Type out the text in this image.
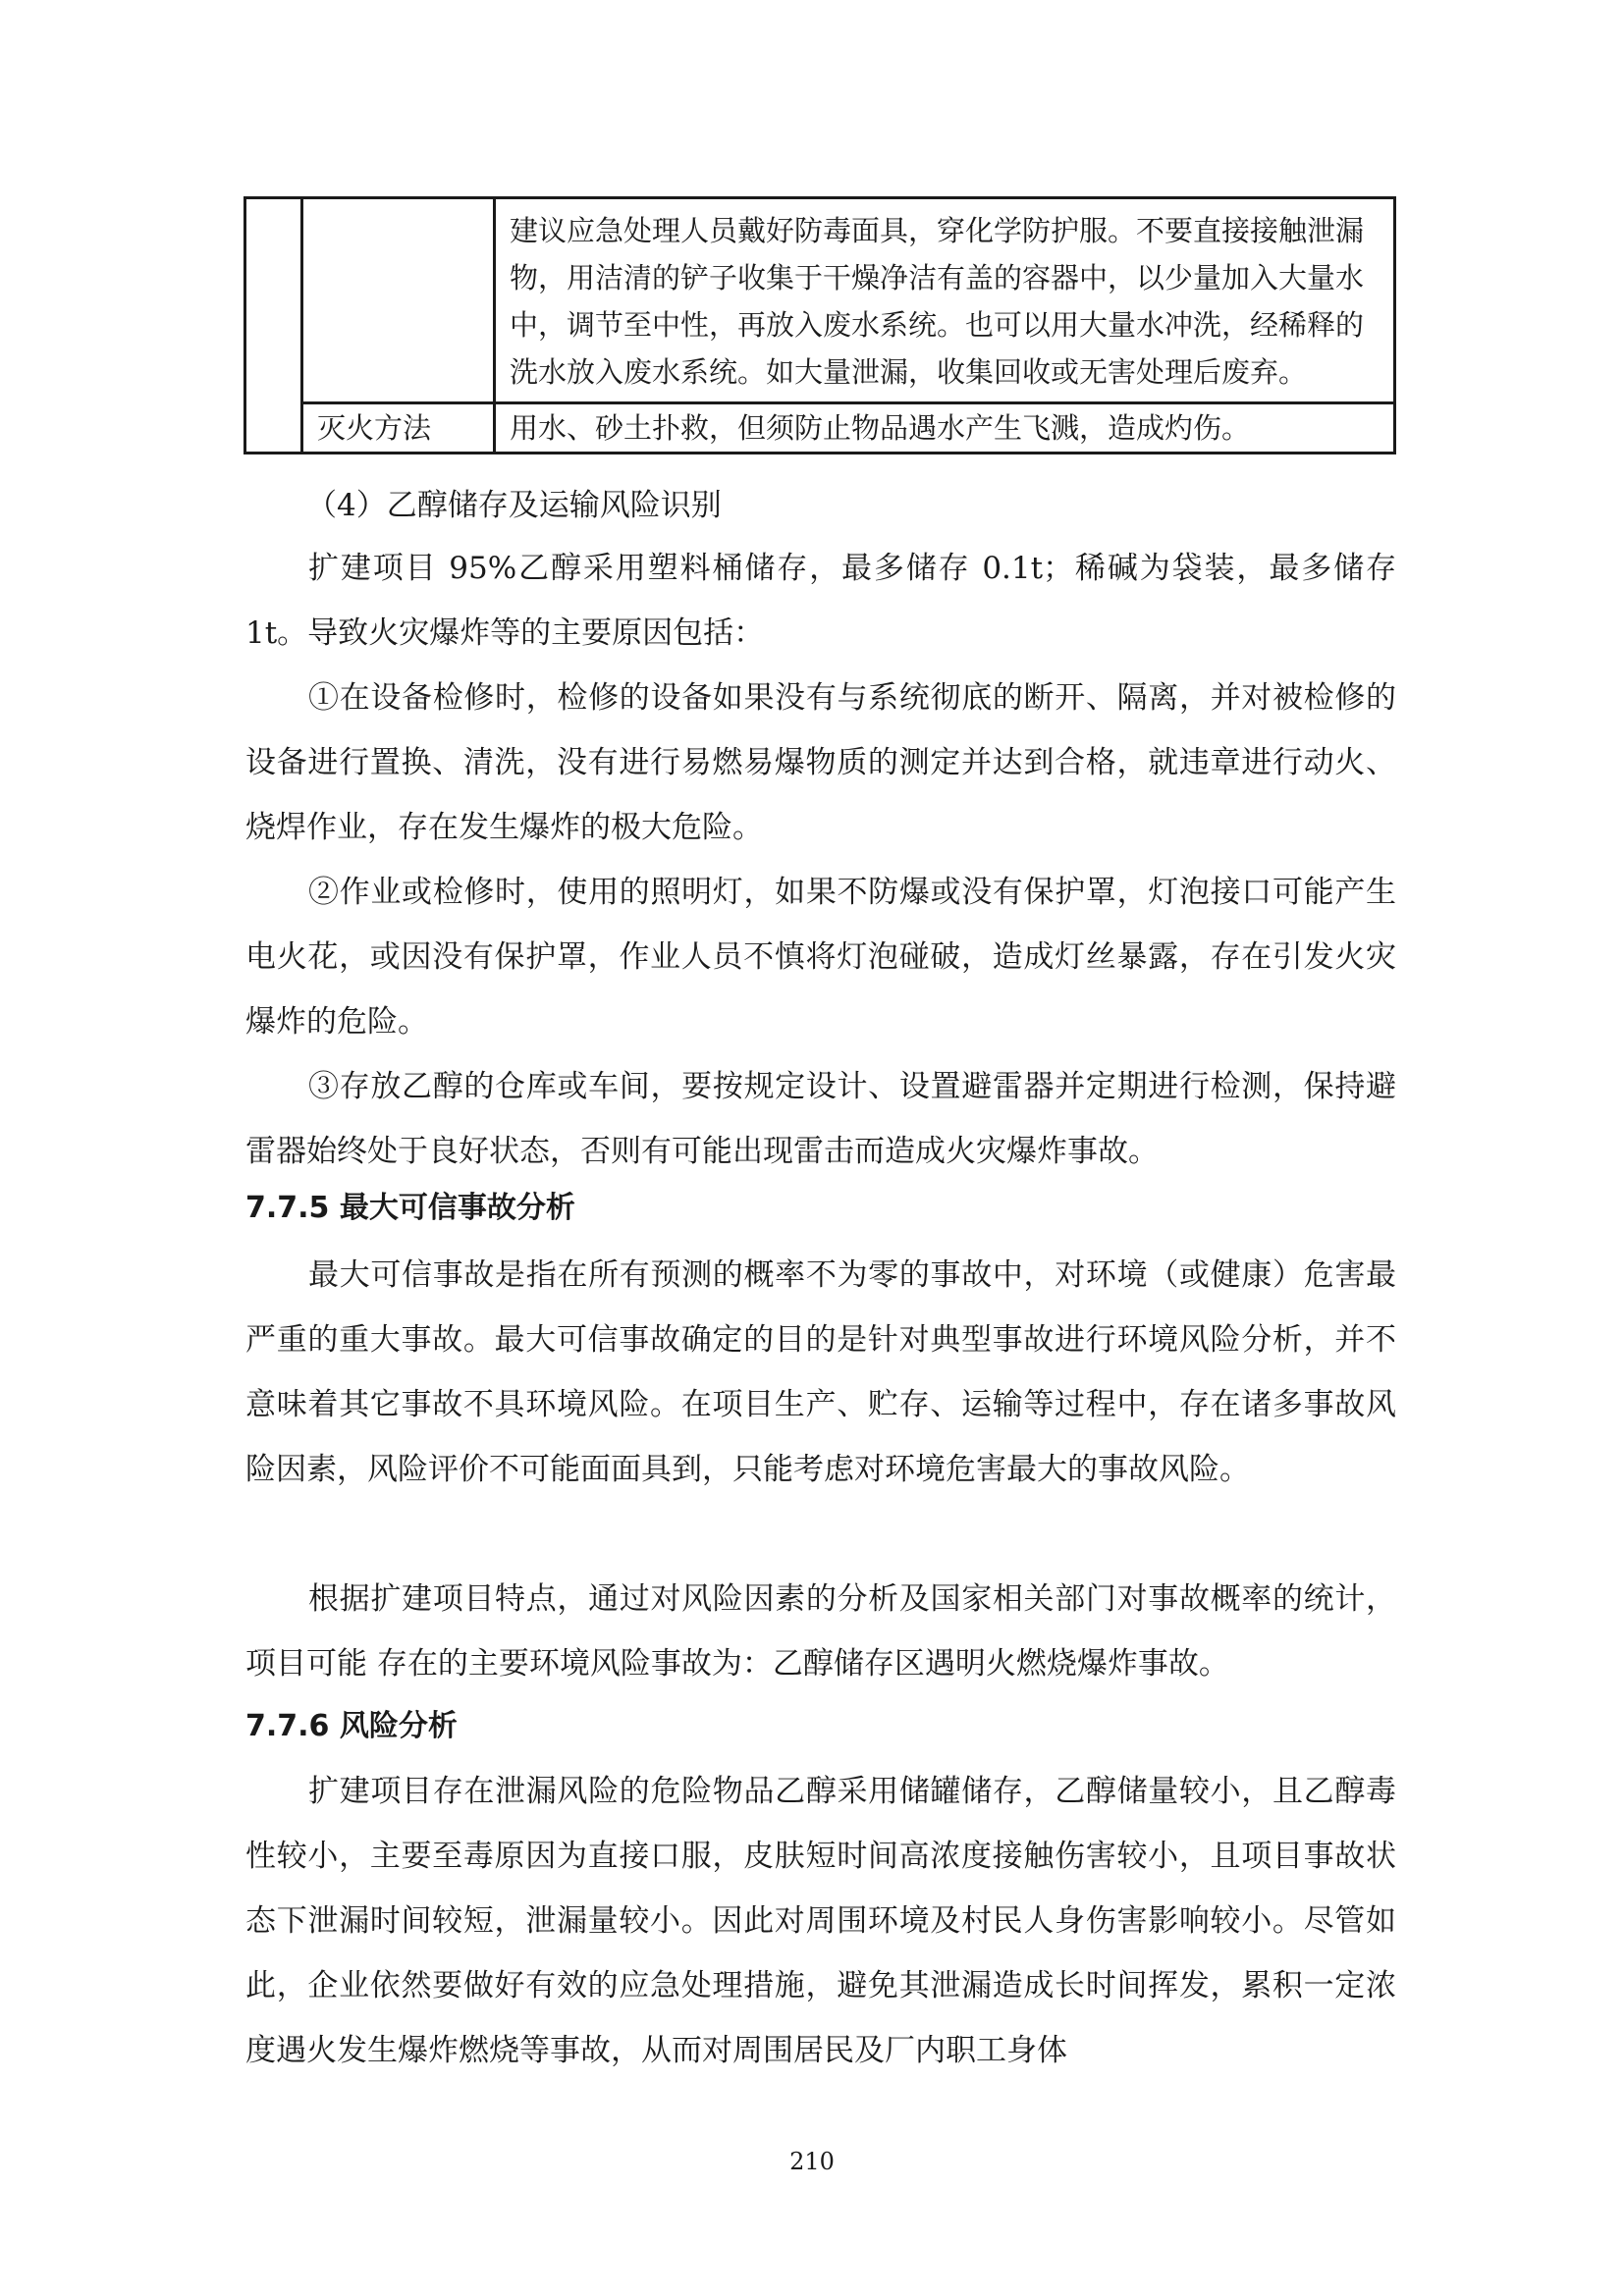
		建议应急处理人员戴好防毒面具，穿化学防护服。不要直接接触泄漏物，用洁清的铲子收集于干燥净洁有盖的容器中，以少量加入大量水中，调节至中性，再放入废水系统。也可以用大量水冲洗，经稀释的洗水放入废水系统。如大量泄漏，收集回收或无害处理后废弃。

	灭火方法	用水、砂土扑救，但须防止物品遇水产生飞溅，造成灼伤。

（4）乙醇储存及运输风险识别

扩建项目 95%乙醇采用塑料桶储存，最多储存 0.1t；稀碱为袋装，最多储存 1t。导致火灾爆炸等的主要原因包括：

①在设备检修时，检修的设备如果没有与系统彻底的断开、隔离，并对被检修的设备进行置换、清洗，没有进行易燃易爆物质的测定并达到合格，就违章进行动火、烧焊作业，存在发生爆炸的极大危险。

②作业或检修时，使用的照明灯，如果不防爆或没有保护罩，灯泡接口可能产生电火花，或因没有保护罩，作业人员不慎将灯泡碰破，造成灯丝暴露，存在引发火灾爆炸的危险。

③存放乙醇的仓库或车间，要按规定设计、设置避雷器并定期进行检测，保持避雷器始终处于良好状态，否则有可能出现雷击而造成火灾爆炸事故。

7.7.5 最大可信事故分析

最大可信事故是指在所有预测的概率不为零的事故中，对环境（或健康）危害最严重的重大事故。最大可信事故确定的目的是针对典型事故进行环境风险分析，并不意味着其它事故不具环境风险。在项目生产、贮存、运输等过程中，存在诸多事故风险因素，风险评价不可能面面具到，只能考虑对环境危害最大的事故风险。

根据扩建项目特点，通过对风险因素的分析及国家相关部门对事故概率的统计，项目可能 存在的主要环境风险事故为：乙醇储存区遇明火燃烧爆炸事故。

7.7.6 风险分析

扩建项目存在泄漏风险的危险物品乙醇采用储罐储存，乙醇储量较小，且乙醇毒性较小，主要至毒原因为直接口服，皮肤短时间高浓度接触伤害较小，且项目事故状态下泄漏时间较短，泄漏量较小。因此对周围环境及村民人身伤害影响较小。尽管如此，企业依然要做好有效的应急处理措施，避免其泄漏造成长时间挥发，累积一定浓度遇火发生爆炸燃烧等事故，从而对周围居民及厂内职工身体

210
